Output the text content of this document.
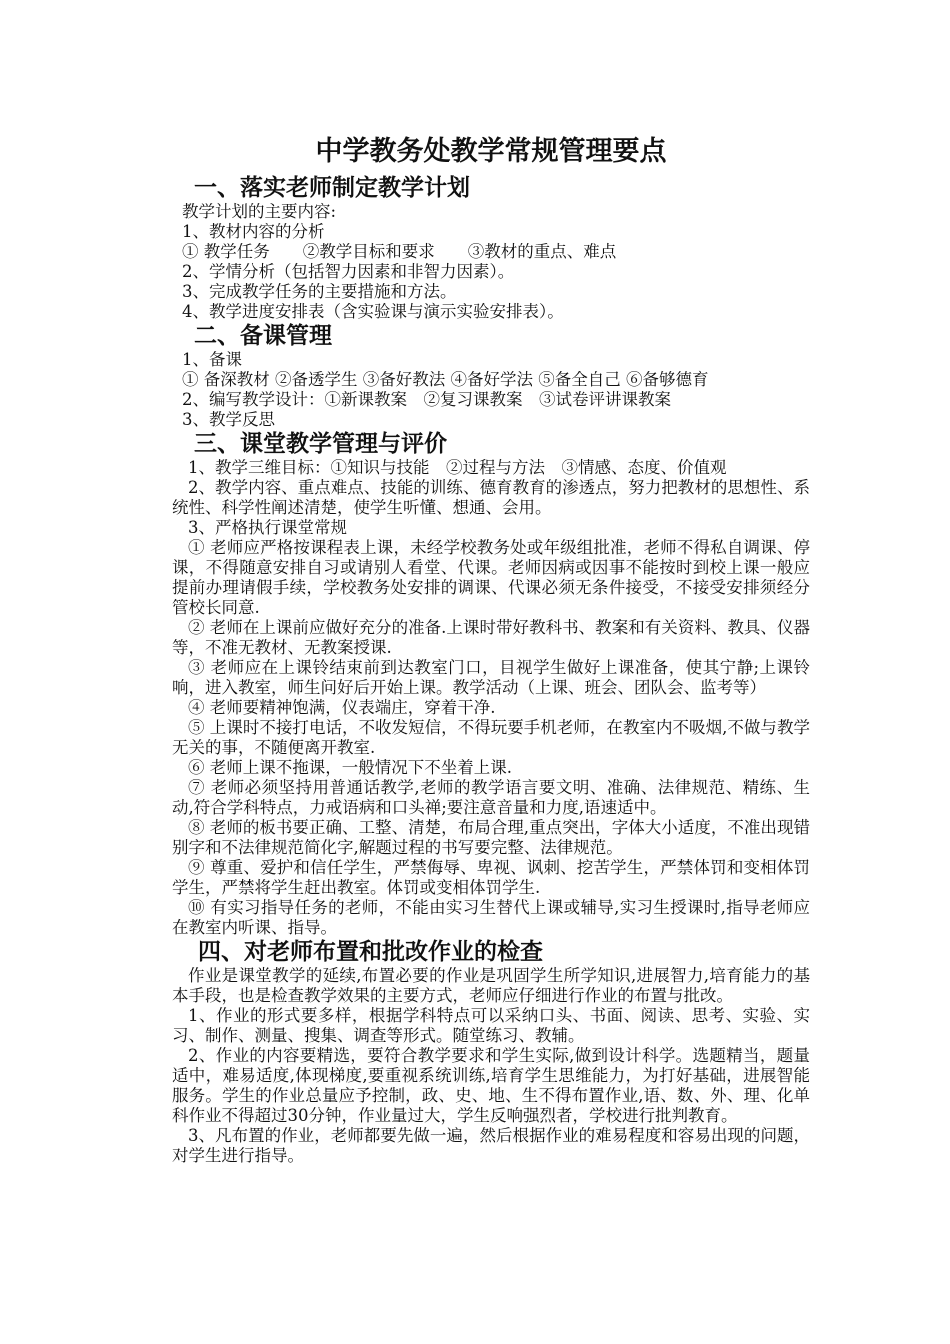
中学教务处教学常规管理要点
一、落实老师制定教学计划

教学计划的主要内容:

1、教材内容的分析

① 教学任务　　②教学目标和要求　　③教材的重点、难点

2、学情分析（包括智力因素和非智力因素）。

3、完成教学任务的主要措施和方法。

4、教学进度安排表（含实验课与演示实验安排表）。

二、备课管理

1、备课

① 备深教材 ②备透学生 ③备好教法 ④备好学法 ⑤备全自己 ⑥备够德育

2、编写教学设计：①新课教案　②复习课教案　③试卷评讲课教案

3、教学反思

三、课堂教学管理与评价

1、教学三维目标：①知识与技能　②过程与方法　③情感、态度、价值观

2、教学内容、重点难点、技能的训练、德育教育的渗透点，努力把教材的思想性、系统性、科学性阐述清楚，使学生听懂、想通、会用。

3、严格执行课堂常规

① 老师应严格按课程表上课，未经学校教务处或年级组批准，老师不得私自调课、停课，不得随意安排自习或请别人看堂、代课。老师因病或因事不能按时到校上课一般应提前办理请假手续，学校教务处安排的调课、代课必须无条件接受，不接受安排须经分管校长同意.

② 老师在上课前应做好充分的准备.上课时带好教科书、教案和有关资料、教具、仪器等，不准无教材、无教案授课.

③ 老师应在上课铃结束前到达教室门口，目视学生做好上课准备，使其宁静;上课铃响，进入教室，师生问好后开始上课。教学活动（上课、班会、团队会、监考等）

④ 老师要精神饱满，仪表端庄，穿着干净.

⑤ 上课时不接打电话，不收发短信，不得玩要手机老师，在教室内不吸烟,不做与教学无关的事，不随便离开教室.

⑥ 老师上课不拖课，一般情况下不坐着上课.

⑦ 老师必须坚持用普通话教学,老师的教学语言要文明、准确、法律规范、精练、生动,符合学科特点，力戒语病和口头禅;要注意音量和力度,语速适中。

⑧ 老师的板书要正确、工整、清楚，布局合理,重点突出，字体大小适度，不准出现错别字和不法律规范简化字,解题过程的书写要完整、法律规范。

⑨ 尊重、爱护和信任学生，严禁侮辱、卑视、讽刺、挖苦学生，严禁体罚和变相体罚学生，严禁将学生赶出教室。体罚或变相体罚学生.

⑩ 有实习指导任务的老师，不能由实习生替代上课或辅导,实习生授课时,指导老师应在教室内听课、指导。

四、对老师布置和批改作业的检查

作业是课堂教学的延续,布置必要的作业是巩固学生所学知识,进展智力,培育能力的基本手段，也是检查教学效果的主要方式，老师应仔细进行作业的布置与批改。

1、作业的形式要多样，根据学科特点可以采纳口头、书面、阅读、思考、实验、实习、制作、测量、搜集、调查等形式。随堂练习、教辅。

2、作业的内容要精选，要符合教学要求和学生实际,做到设计科学。选题精当，题量适中，难易适度,体现梯度,要重视系统训练,培育学生思维能力，为打好基础，进展智能服务。学生的作业总量应予控制，政、史、地、生不得布置作业,语、数、外、理、化单科作业不得超过30分钟，作业量过大，学生反响强烈者，学校进行批判教育。

3、凡布置的作业，老师都要先做一遍，然后根据作业的难易程度和容易出现的问题，对学生进行指导。
